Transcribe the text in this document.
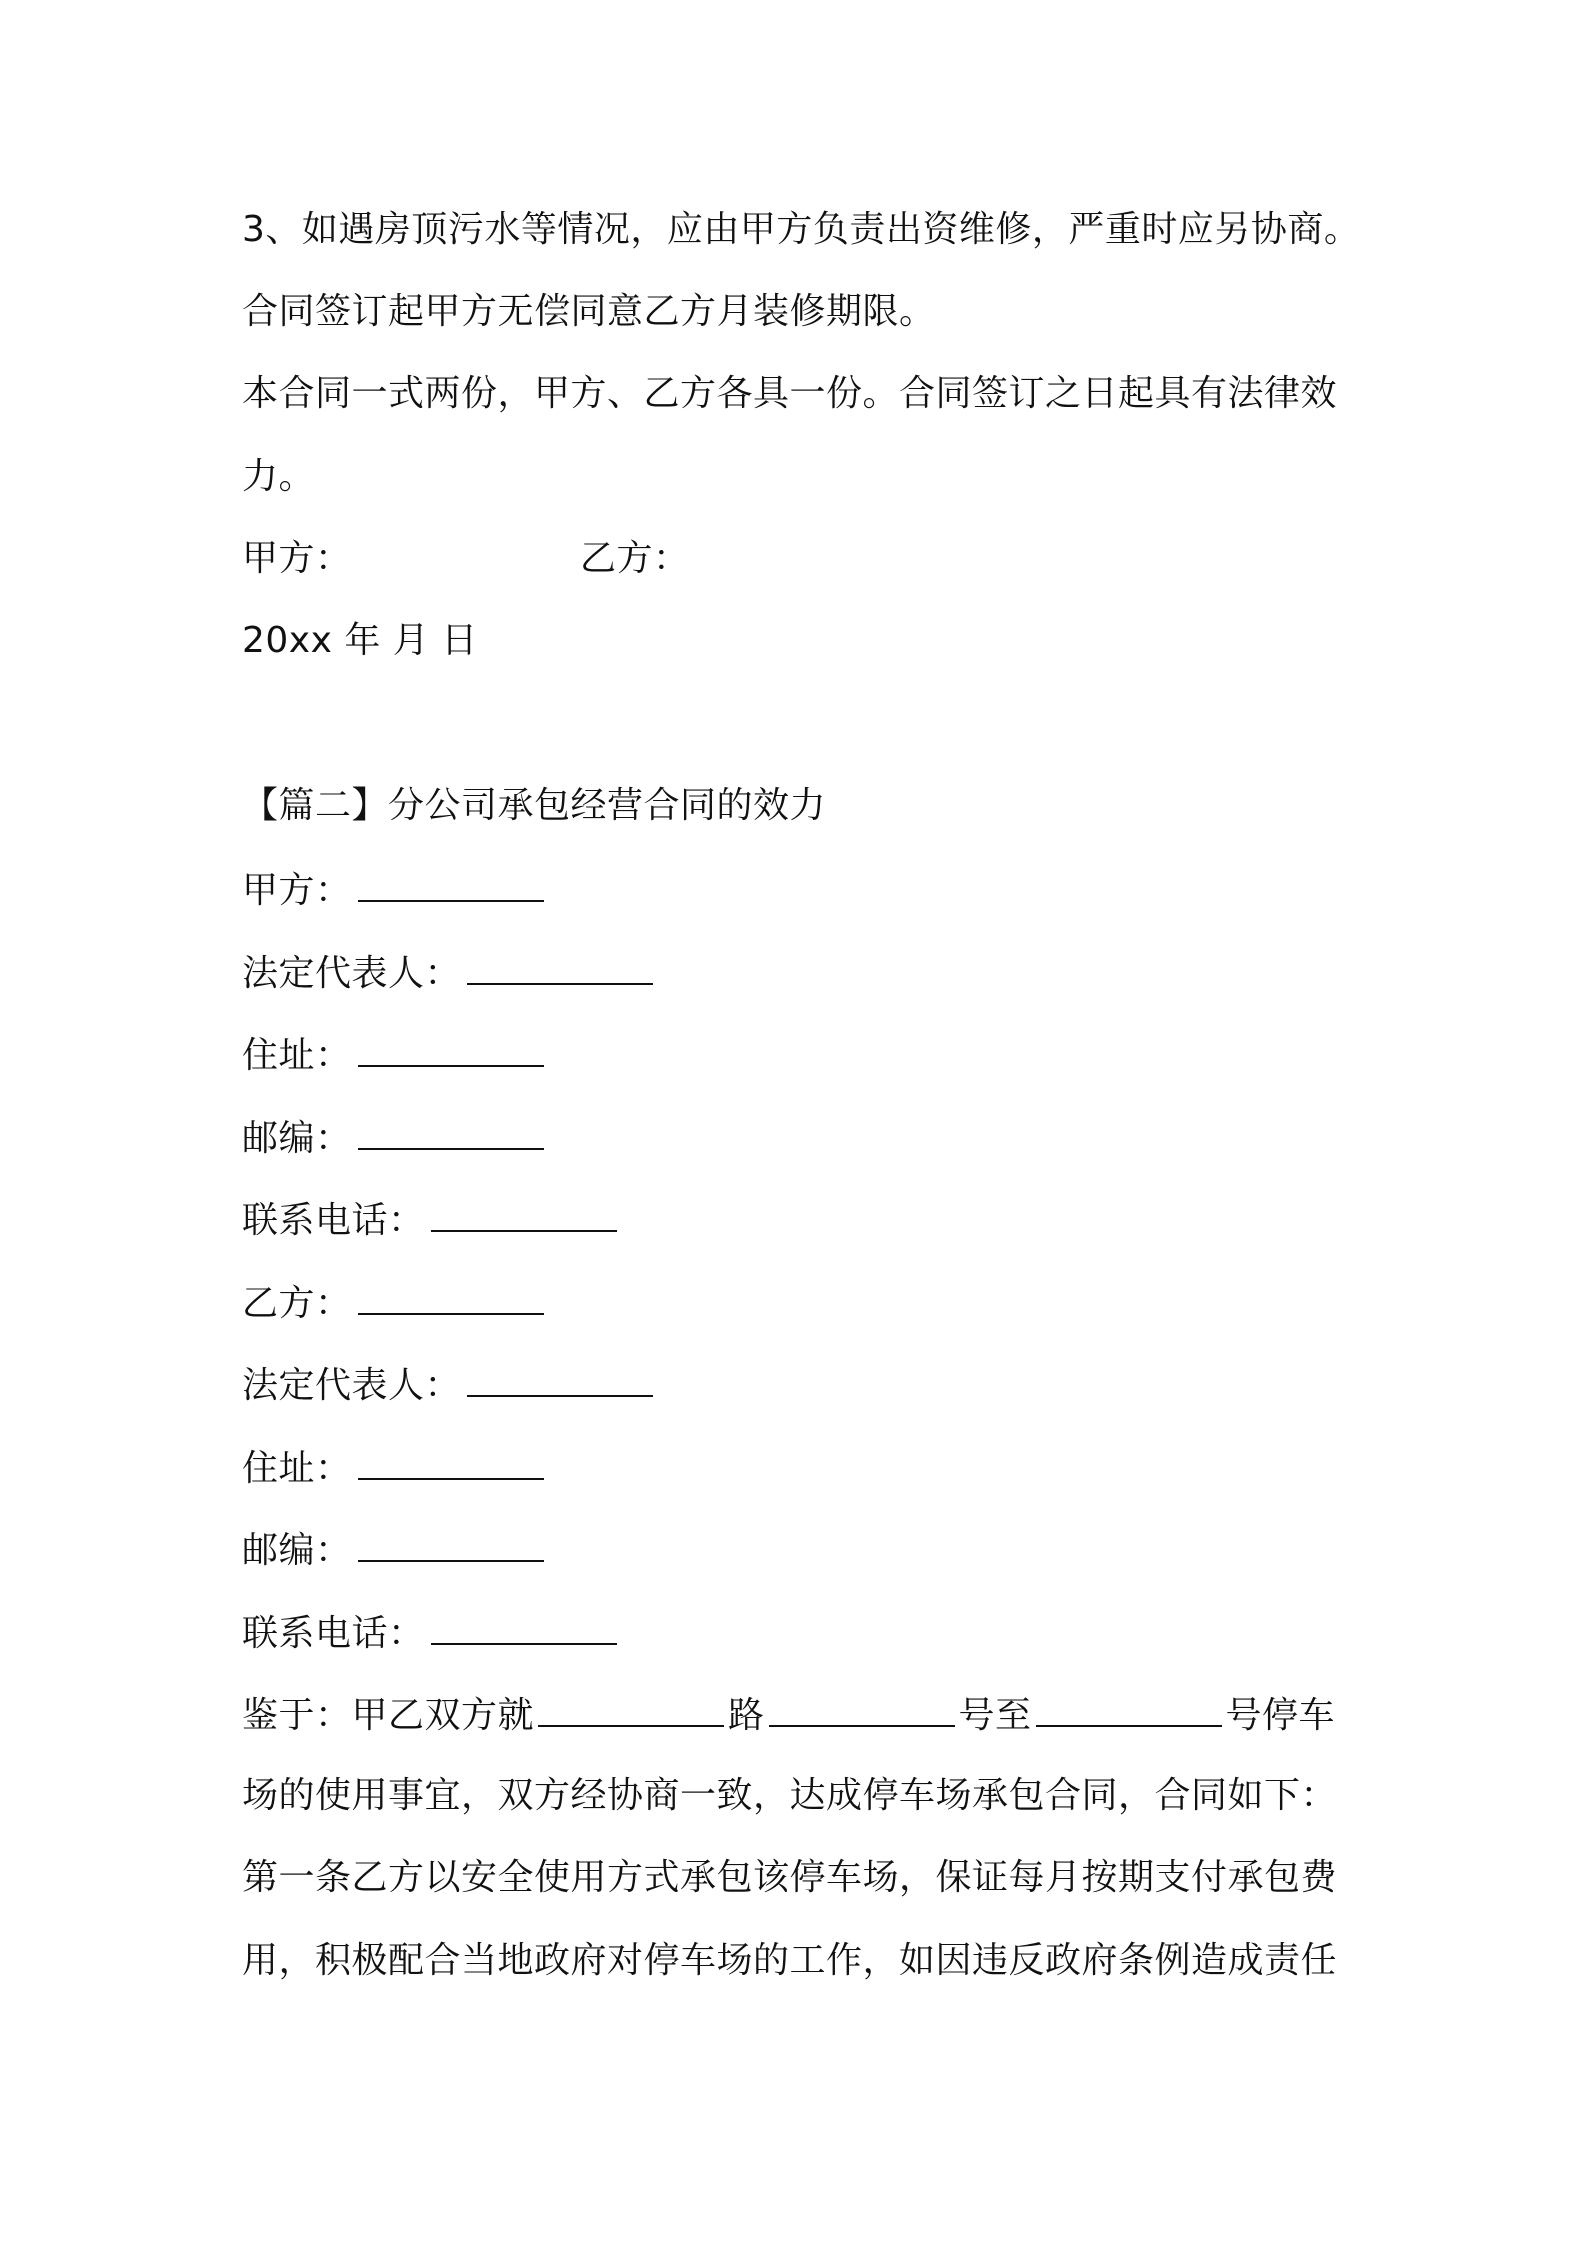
3、如遇房顶污水等情况，应由甲方负责出资维修，严重时应另协商。
合同签订起甲方无偿同意乙方月装修期限。
本合同一式两份，甲方、乙方各具一份。合同签订之日起具有法律效
力。
甲方：	乙方：
20xx 年 月 日
【篇二】分公司承包经营合同的效力
甲方：
法定代表人：
住址：
邮编：
联系电话：
乙方：
法定代表人：
住址：
邮编：
联系电话：
鉴于：甲乙双方就	路	号至	号停车
场的使用事宜，双方经协商一致，达成停车场承包合同，合同如下：
第一条乙方以安全使用方式承包该停车场，保证每月按期支付承包费
用，积极配合当地政府对停车场的工作，如因违反政府条例造成责任
